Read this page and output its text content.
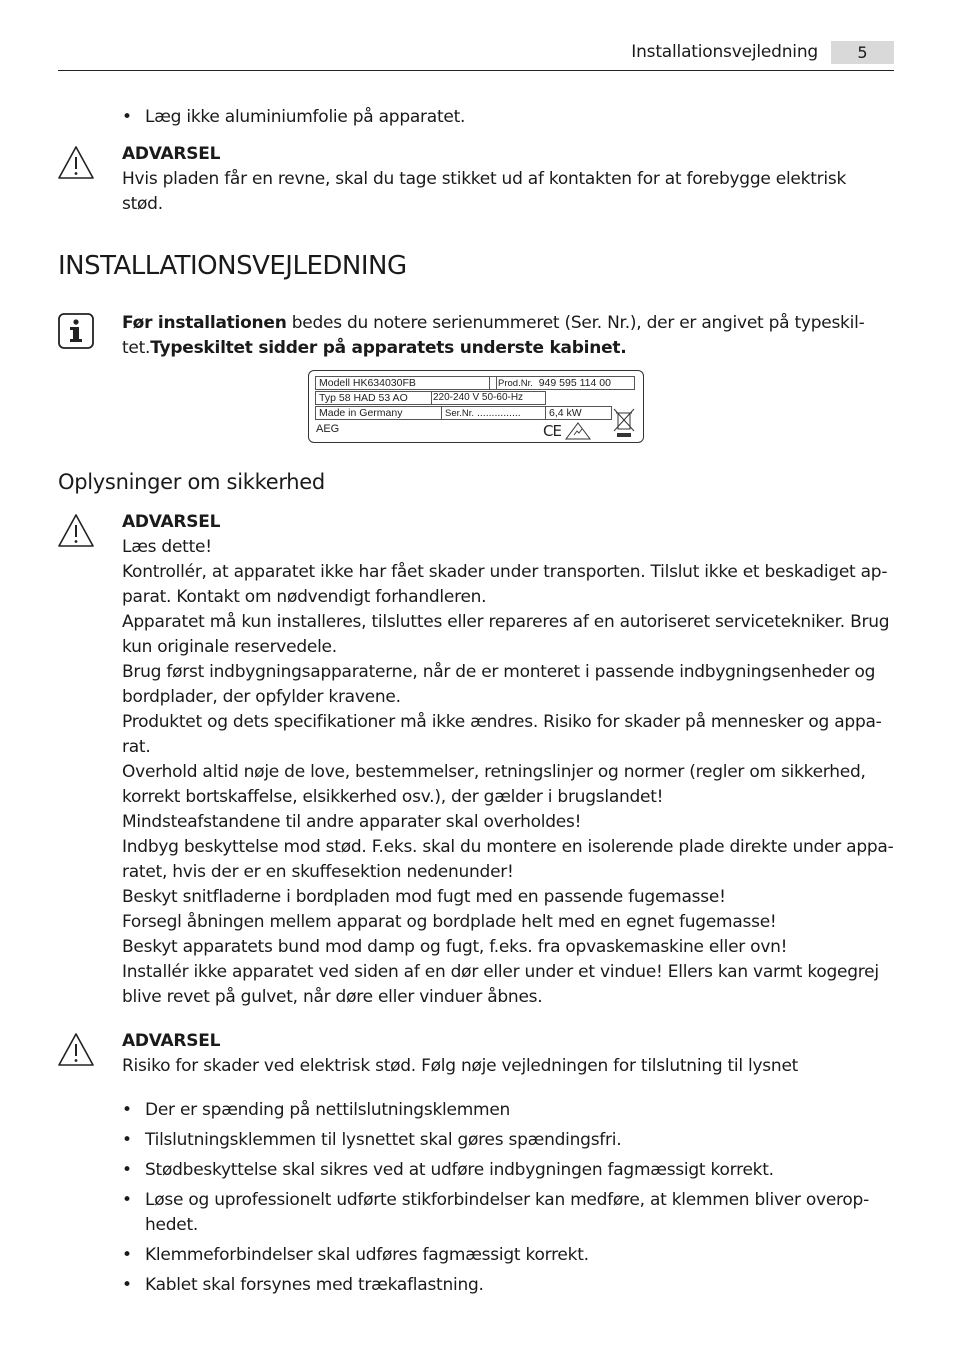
Installationsvejledning	5
• Læg ikke aluminiumfolie på apparatet.
ADVARSEL
Hvis pladen får en revne, skal du tage stikket ud af kontakten for at forebygge elektrisk
stød.
INSTALLATIONSVEJLEDNING
Før installationen bedes du notere serienummeret (Ser. Nr.), der er angivet på typeskil-
tet.Typeskiltet sidder på apparatets underste kabinet.
Modell HK634030FB	Prod.Nr. 949 595 114 00
Typ 58 HAD 53 AO	220-240 V 50-60-Hz
Made in Germany	Ser.Nr. ...............	6,4 kW
AEG	CE
Oplysninger om sikkerhed
ADVARSEL
Læs dette!
Kontrollér, at apparatet ikke har fået skader under transporten. Tilslut ikke et beskadiget ap-
parat. Kontakt om nødvendigt forhandleren.
Apparatet må kun installeres, tilsluttes eller repareres af en autoriseret servicetekniker. Brug
kun originale reservedele.
Brug først indbygningsapparaterne, når de er monteret i passende indbygningsenheder og
bordplader, der opfylder kravene.
Produktet og dets specifikationer må ikke ændres. Risiko for skader på mennesker og appa-
rat.
Overhold altid nøje de love, bestemmelser, retningslinjer og normer (regler om sikkerhed,
korrekt bortskaffelse, elsikkerhed osv.), der gælder i brugslandet!
Mindsteafstandene til andre apparater skal overholdes!
Indbyg beskyttelse mod stød. F.eks. skal du montere en isolerende plade direkte under appa-
ratet, hvis der er en skuffesektion nedenunder!
Beskyt snitfladerne i bordpladen mod fugt med en passende fugemasse!
Forsegl åbningen mellem apparat og bordplade helt med en egnet fugemasse!
Beskyt apparatets bund mod damp og fugt, f.eks. fra opvaskemaskine eller ovn!
Installér ikke apparatet ved siden af en dør eller under et vindue! Ellers kan varmt kogegrej
blive revet på gulvet, når døre eller vinduer åbnes.
ADVARSEL
Risiko for skader ved elektrisk stød. Følg nøje vejledningen for tilslutning til lysnet
• Der er spænding på nettilslutningsklemmen
• Tilslutningsklemmen til lysnettet skal gøres spændingsfri.
• Stødbeskyttelse skal sikres ved at udføre indbygningen fagmæssigt korrekt.
• Løse og uprofessionelt udførte stikforbindelser kan medføre, at klemmen bliver overop-
hedet.
• Klemmeforbindelser skal udføres fagmæssigt korrekt.
• Kablet skal forsynes med trækaflastning.
